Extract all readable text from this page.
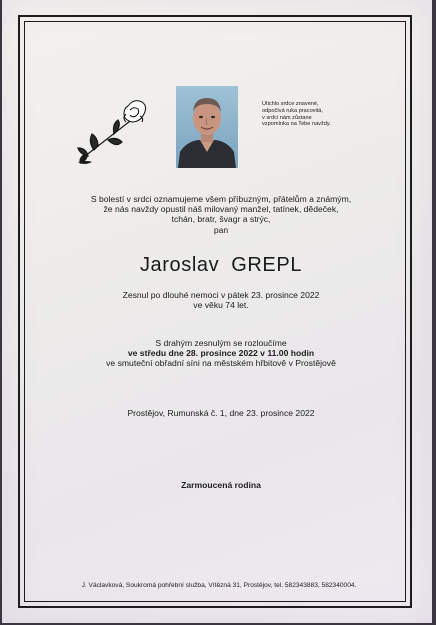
Utichlo srdce znavené,
odpočívá ruka pracovitá,
v srdci nám zůstane
vzpomínka na Tebe navždy.
S bolestí v srdci oznamujeme všem příbuzným, přátelům a známým,
že nás navždy opustil náš milovaný manžel, tatínek, dědeček,
tchán, bratr, švagr a strýc,
pan
Jaroslav GREPL
Zesnul po dlouhé nemoci v pátek 23. prosince 2022
ve věku 74 let.
S drahým zesnulým se rozloučíme
ve středu dne 28. prosince 2022 v 11.00 hodin
ve smuteční obřadní síni na městském hřbitově v Prostějově
Prostějov, Rumunská č. 1, dne 23. prosince 2022
Zarmoucená rodina
J. Václavková, Soukromá pohřební služba, Vítězná 31, Prostějov, tel. 582343883, 582340004.
